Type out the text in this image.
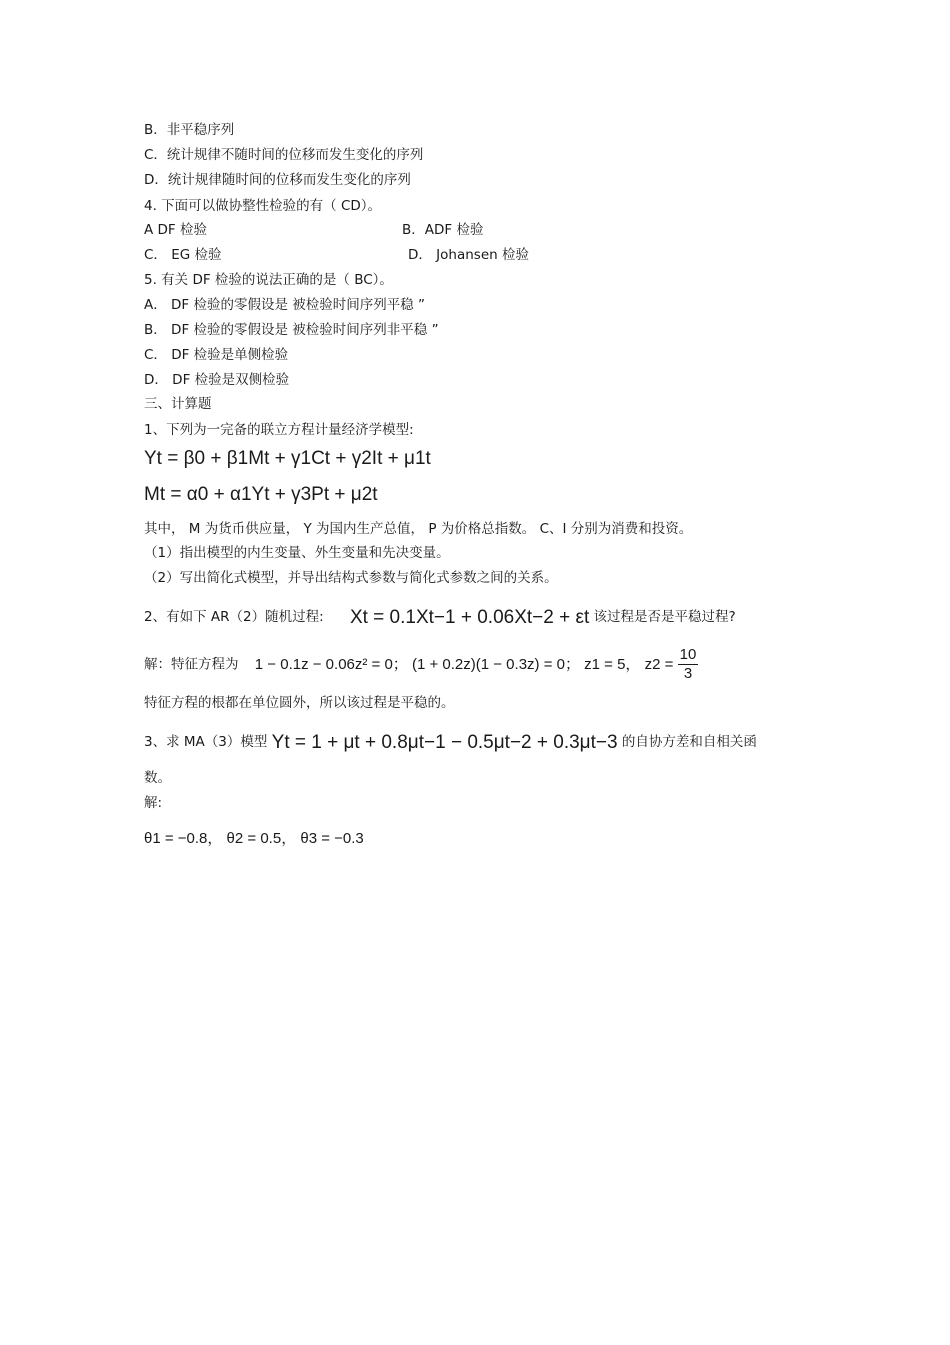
B．非平稳序列
C．统计规律不随时间的位移而发生变化的序列
D．统计规律随时间的位移而发生变化的序列
4. 下面可以做协整性检验的有（ CD）。
A DF 检验	B．ADF 检验
C． EG 检验	D． Johansen 检验
5. 有关 DF 检验的说法正确的是（ BC）。
A． DF 检验的零假设是 被检验时间序列平稳 ”
B． DF 检验的零假设是 被检验时间序列非平稳 ”
C． DF 检验是单侧检验
D． DF 检验是双侧检验
三、计算题
1、下列为一完备的联立方程计量经济学模型:
Yt = β0 + β1Mt + γ1Ct + γ2It + μ1t
Mt = α0 + α1Yt + γ3Pt + μ2t
其中， M 为货币供应量， Y 为国内生产总值， P 为价格总指数。 C、I 分别为消费和投资。
（1）指出模型的内生变量、外生变量和先决变量。
（2）写出简化式模型，并导出结构式参数与简化式参数之间的关系。
2、有如下 AR（2）随机过程: Xt = 0.1Xt−1 + 0.06Xt−2 + εt 该过程是否是平稳过程?
解：特征方程为 1 − 0.1z − 0.06z² = 0； (1 + 0.2z)(1 − 0.3z) = 0； z1 = 5， $z2 = \frac{10}{3}$
特征方程的根都在单位圆外，所以该过程是平稳的。
3、求 MA（3）模型 Yt = 1 + μt + 0.8μt−1 − 0.5μt−2 + 0.3μt−3 的自协方差和自相关函
数。
解:
θ1 = −0.8， θ2 = 0.5， θ3 = −0.3
